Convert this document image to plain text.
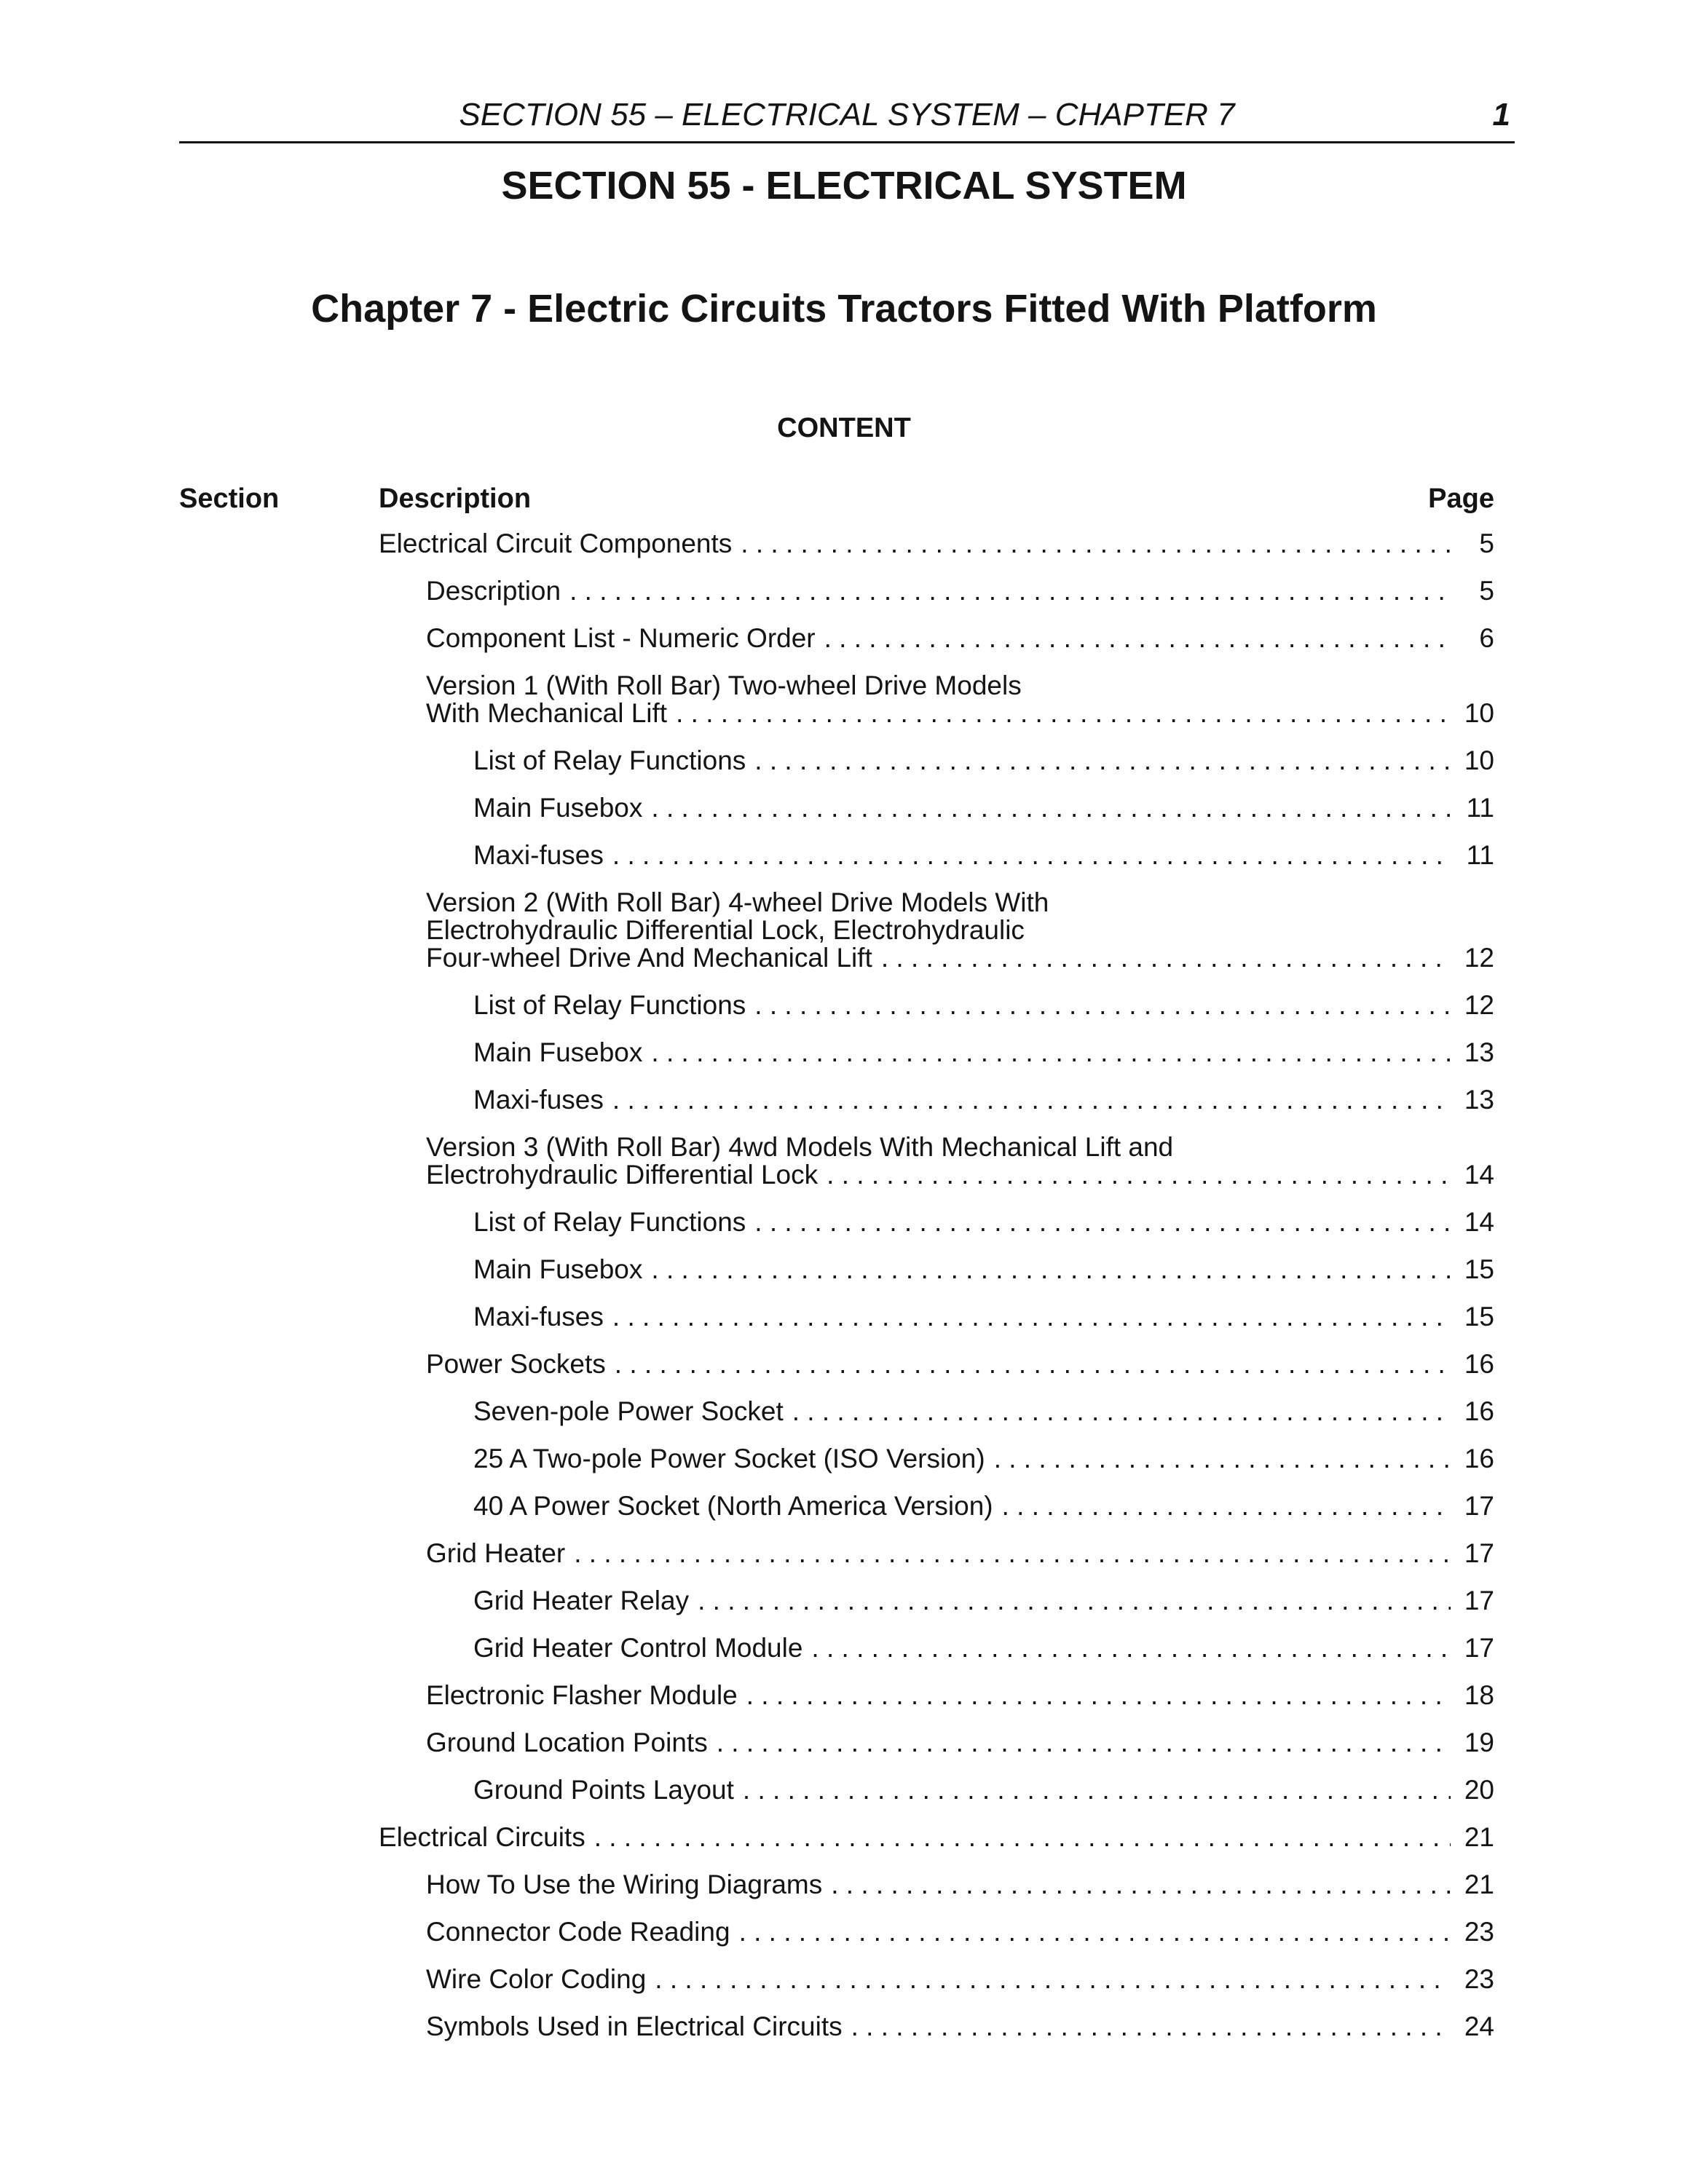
SECTION 55 – ELECTRICAL SYSTEM – CHAPTER 7	1
SECTION 55 - ELECTRICAL SYSTEM
Chapter 7 - Electric Circuits Tractors Fitted With Platform
CONTENT
Section	Description	Page
Electrical Circuit Components . . .	5
Description . . .	5
Component List - Numeric Order . . .	6
Version 1 (With Roll Bar) Two-wheel Drive Models
With Mechanical Lift . . .	10
List of Relay Functions . . .	10
Main Fusebox . . .	11
Maxi-fuses . . .	11
Version 2 (With Roll Bar) 4-wheel Drive Models With
Electrohydraulic Differential Lock, Electrohydraulic
Four-wheel Drive And Mechanical Lift . . .	12
List of Relay Functions . . .	12
Main Fusebox . . .	13
Maxi-fuses . . .	13
Version 3 (With Roll Bar) 4wd Models With Mechanical Lift and
Electrohydraulic Differential Lock . . .	14
List of Relay Functions . . .	14
Main Fusebox . . .	15
Maxi-fuses . . .	15
Power Sockets . . .	16
Seven-pole Power Socket . . .	16
25 A Two-pole Power Socket (ISO Version) . . .	16
40 A Power Socket (North America Version) . . .	17
Grid Heater . . .	17
Grid Heater Relay . . .	17
Grid Heater Control Module . . .	17
Electronic Flasher Module . . .	18
Ground Location Points . . .	19
Ground Points Layout . . .	20
Electrical Circuits . . .	21
How To Use the Wiring Diagrams . . .	21
Connector Code Reading . . .	23
Wire Color Coding . . .	23
Symbols Used in Electrical Circuits . . .	24
